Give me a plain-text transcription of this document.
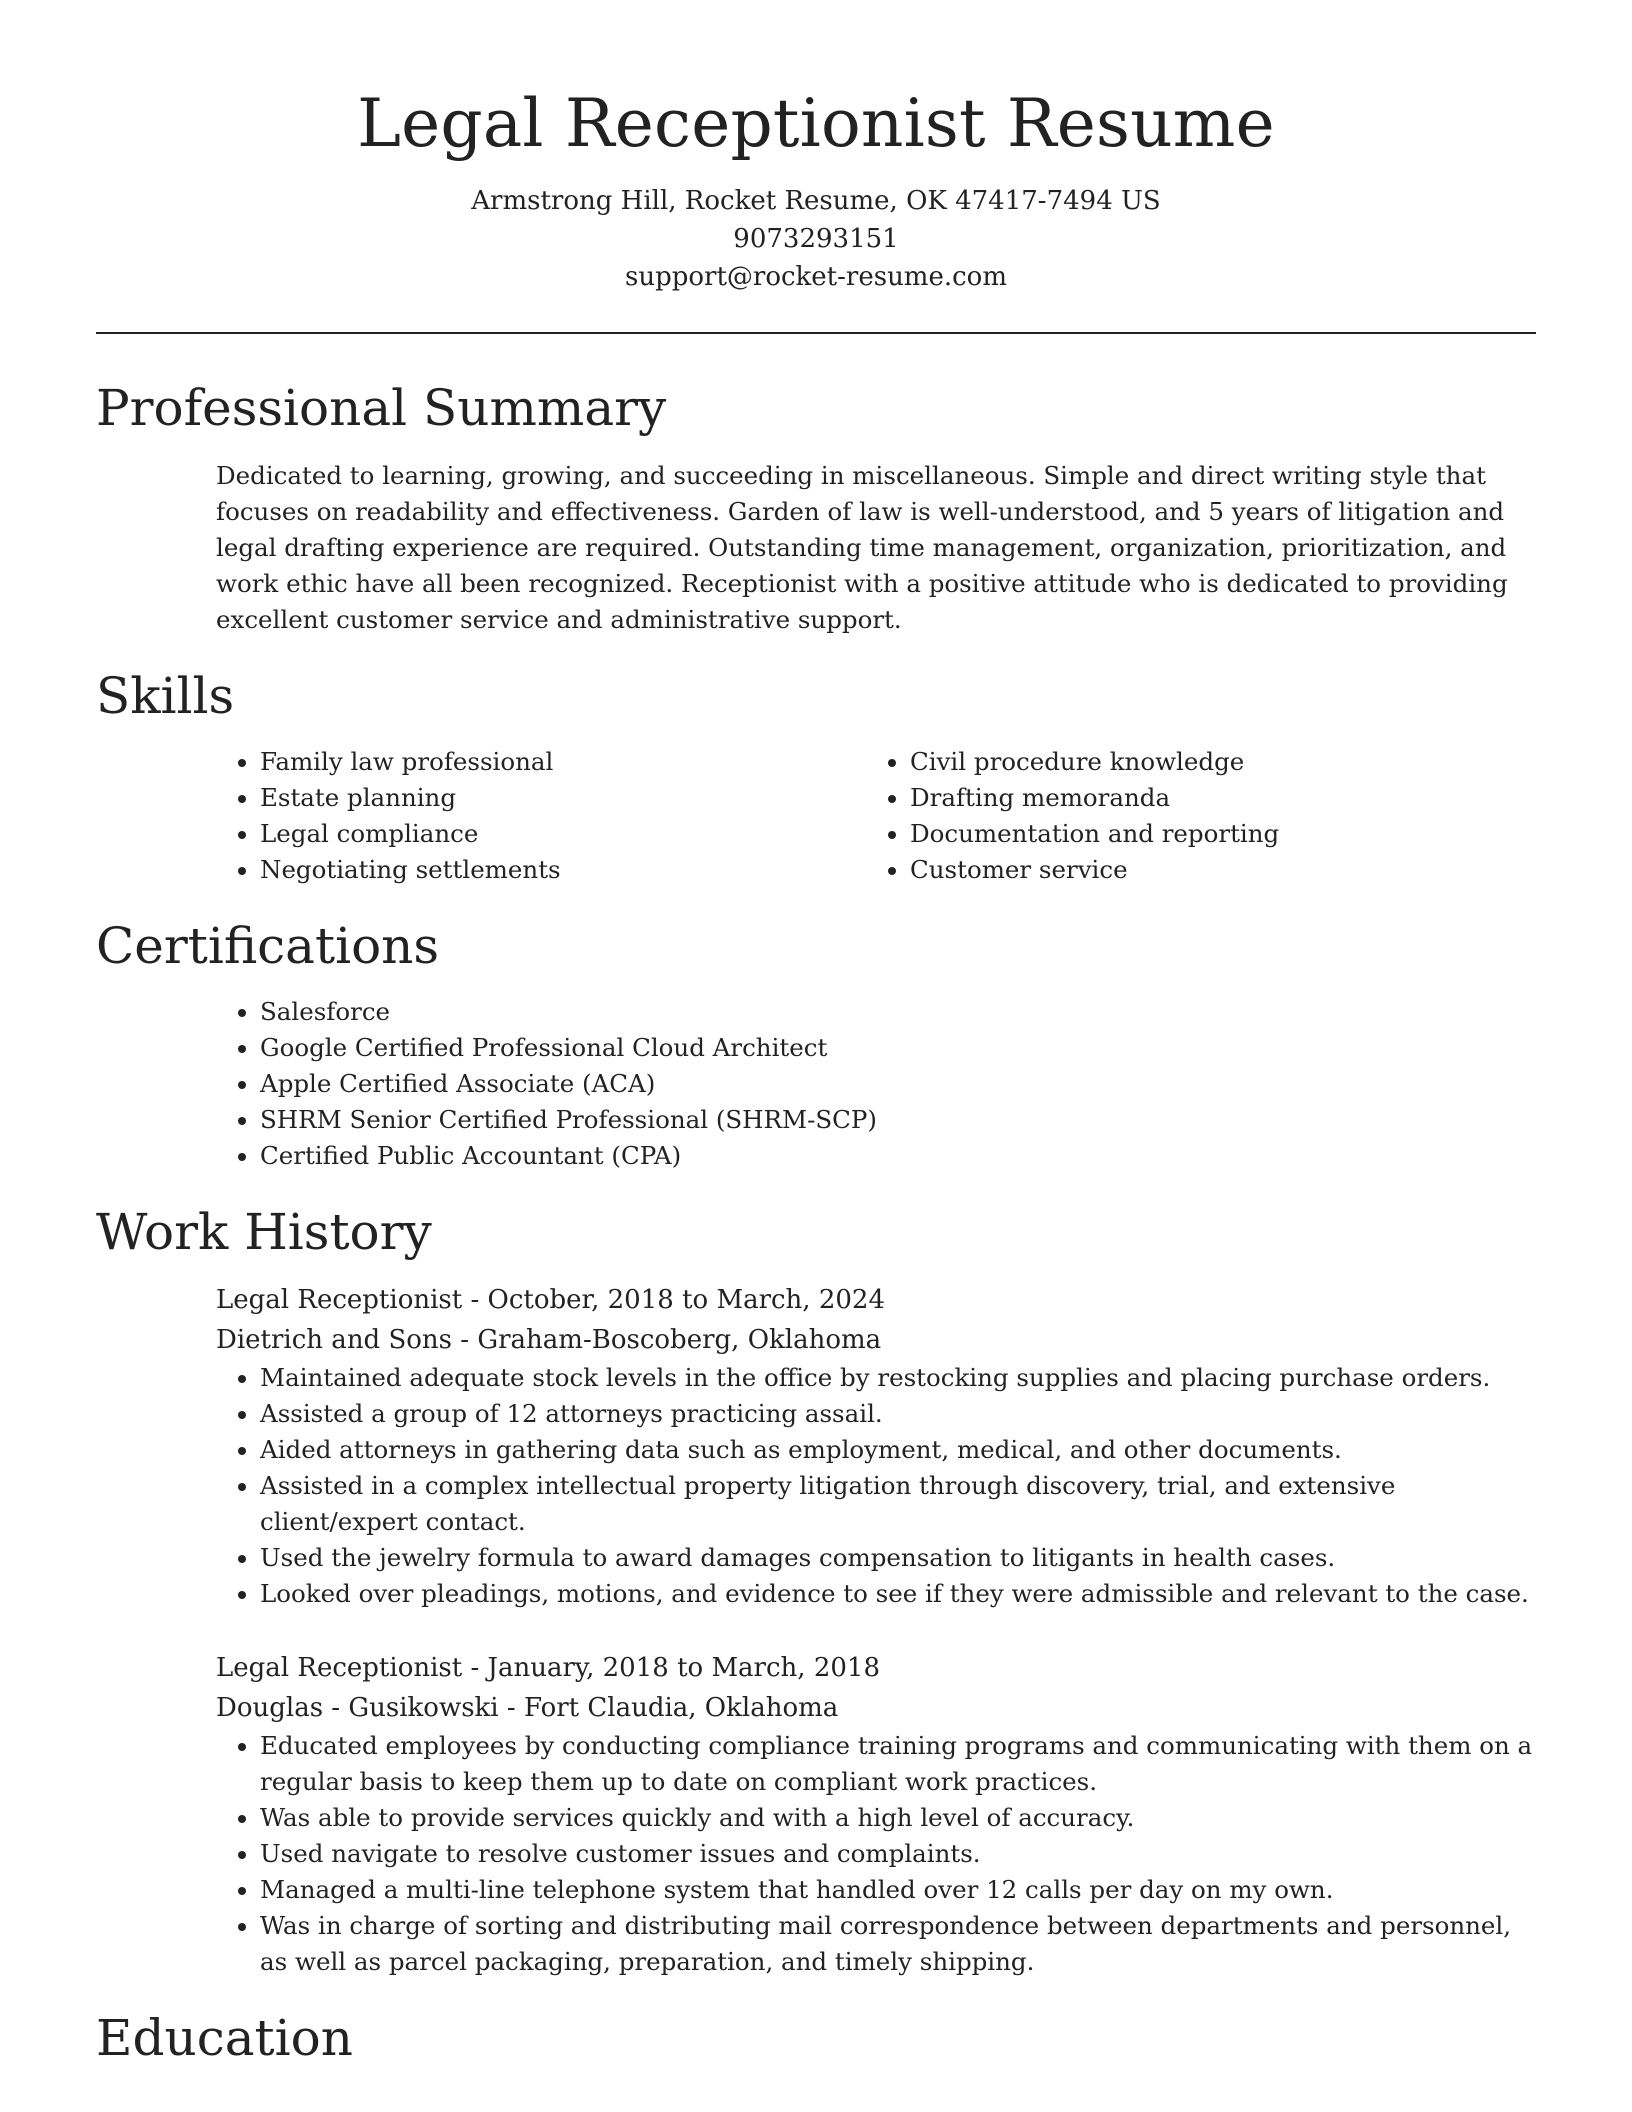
Legal Receptionist Resume
Armstrong Hill, Rocket Resume, OK 47417-7494 US
9073293151
support@rocket-resume.com
Professional Summary

Dedicated to learning, growing, and succeeding in miscellaneous. Simple and direct writing style that focuses on readability and effectiveness. Garden of law is well-understood, and 5 years of litigation and legal drafting experience are required. Outstanding time management, organization, prioritization, and work ethic have all been recognized. Receptionist with a positive attitude who is dedicated to providing excellent customer service and administrative support.

Skills
• Family law professional
• Estate planning
• Legal compliance
• Negotiating settlements
• Civil procedure knowledge
• Drafting memoranda
• Documentation and reporting
• Customer service
Certifications
• Salesforce
• Google Certified Professional Cloud Architect
• Apple Certified Associate (ACA)
• SHRM Senior Certified Professional (SHRM-SCP)
• Certified Public Accountant (CPA)
Work History
Legal Receptionist - October, 2018 to March, 2024
Dietrich and Sons - Graham-Boscoberg, Oklahoma
• Maintained adequate stock levels in the office by restocking supplies and placing purchase orders.
• Assisted a group of 12 attorneys practicing assail.
• Aided attorneys in gathering data such as employment, medical, and other documents.
• Assisted in a complex intellectual property litigation through discovery, trial, and extensive client/expert contact.
• Used the jewelry formula to award damages compensation to litigants in health cases.
• Looked over pleadings, motions, and evidence to see if they were admissible and relevant to the case.
Legal Receptionist - January, 2018 to March, 2018
Douglas - Gusikowski - Fort Claudia, Oklahoma
• Educated employees by conducting compliance training programs and communicating with them on a regular basis to keep them up to date on compliant work practices.
• Was able to provide services quickly and with a high level of accuracy.
• Used navigate to resolve customer issues and complaints.
• Managed a multi-line telephone system that handled over 12 calls per day on my own.
• Was in charge of sorting and distributing mail correspondence between departments and personnel, as well as parcel packaging, preparation, and timely shipping.
Education
